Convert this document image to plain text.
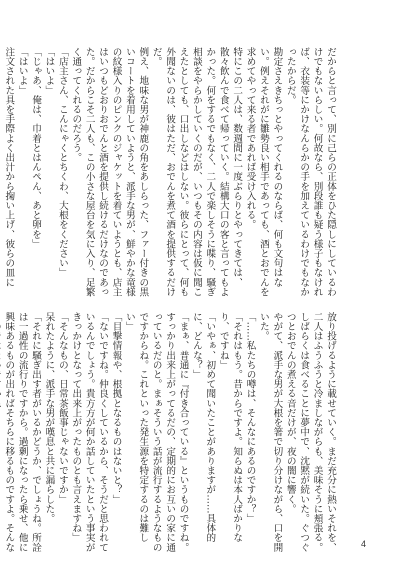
だからと言って、別に己らの正体をひた隠しにしているわけでもないらしい。何故なら、別段誰も疑う様子もなければ、衣装等にかけなんらかの手を加えているわけでもなかったからだ。
勘定さえきちっとやってくれるのならば、何も文句はない。例えそれがに雛勢良い相手であっても、酒とおでんを求めてやって来る者であれば受け入れる。
特にこの二人は、数週間に一度ぶらりとやってきては、散々飲んで食べて帰っていく。結構大口の客と言ってもよかった。何をするでもなく、二人で楽しそうに喋り、騒ぎ相談をやらかしていくのだが、いつもその内容は仮に聞こえたとしても、口出しなどはしない。彼らにとって、何も外聞ないのは、彼はただ、おでんを煮て酒を提供するだけだ。
例え、地味な男が神鹿の角をあしらった、ファー付きの黒いコートを着用していようと、派手な男が、鮮やかな竜様の紋様入りのピンクのジャケットを着ていようとも、店主はいつもどおりおでんと酒を提供し続けるだけなのであった。だからこそ二人も、この小さな屋台を気に入り、足繁く通ってくれるのだろう。
「店主さん、こんにゃくとちくわ、大根をください」
「はいよ」
「じゃあ、俺は、巾着とはんぺん、あと卵を」
「はいよ」
注文された具を手際よく出汁から掬い上げ、彼らの皿に
放り投げるように載せていく。まだ充分に熱いそれを、二人はふうふうと冷ましながらも、美味そうに頬張る。
しばらくは食べることに夢中で、沈黙が続いた。ぐつぐつとおでんの煮える音だけが、夜の闇に響く。
やがて、派手な男が大根を箸で切り分けながら、口を開いた。
「……私たちの噂は、そんなにあるのですか？」
「それはもう。昔からですよ。知らぬは本人ばかりなり、ですね」
「いやぁ、初めて聞いたことがありますが……具体的に、どんな？」
「まぁ、普通に『付き合っている』というものですね。すっかり出来上がってるだの、定期的にお互いの家に通っているだのと。まぁそういう話が流行するようなものですからね。これといった発生源を特定するのは難しい」
「目撃情報や、根拠となるものはないと？」
「ないですね。仲良くしているから、そうだと思われているんでしょう。貴方方が何か話していたという事実がきっかけとなって出来上がったものとも言えますね」
「そんなもの、日常茶飯事じゃないですか」
呆れたように、派手な男が嘆息と共に漏らした。
「それに騒ぎ出す者がいるかどうか、でしょうね。所詮は一過性の流行りですから。過剰になったら乗せ、他に興味あるものが出ればそちらに移るものですよ。そんな	4
